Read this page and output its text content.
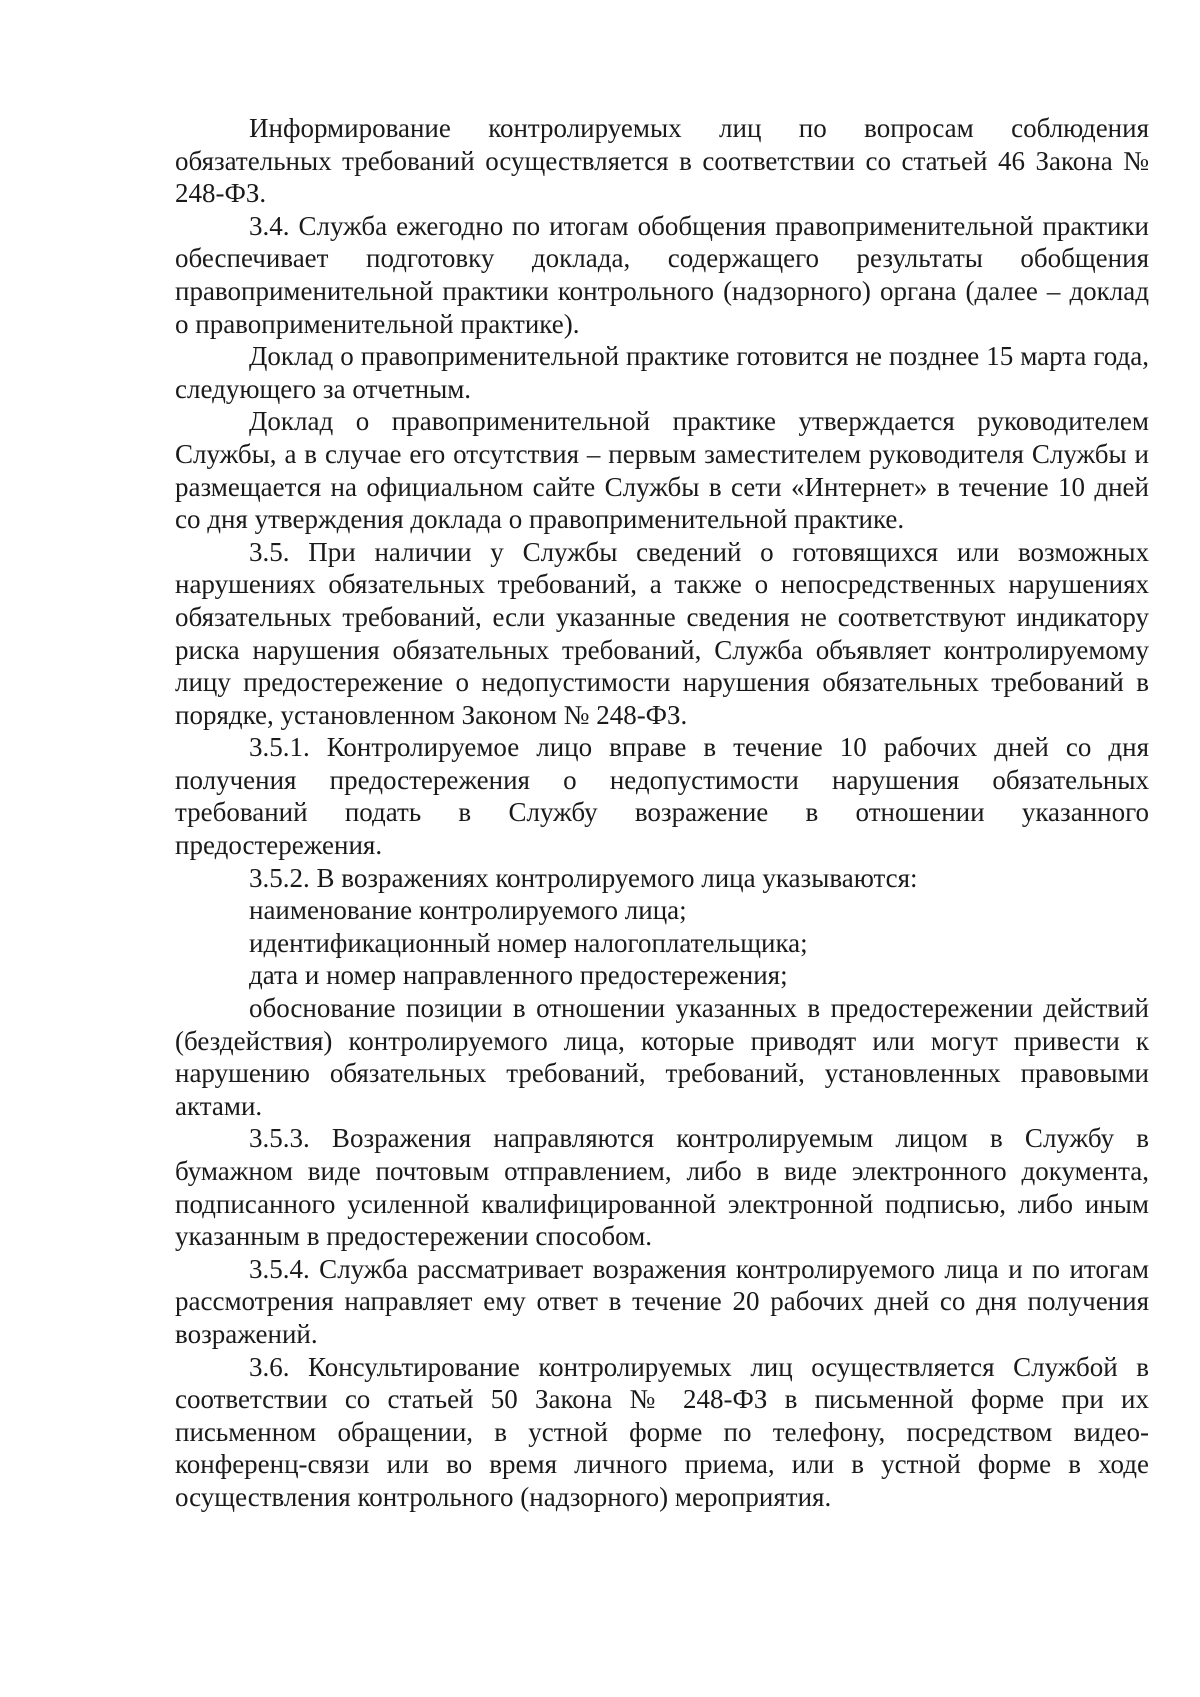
Информирование контролируемых лиц по вопросам соблюдения обязательных требований осуществляется в соответствии со статьей 46 Закона № 248-ФЗ.

3.4. Служба ежегодно по итогам обобщения правоприменительной практики обеспечивает подготовку доклада, содержащего результаты обобщения правоприменительной практики контрольного (надзорного) органа (далее – доклад о правоприменительной практике).

Доклад о правоприменительной практике готовится не позднее 15 марта года, следующего за отчетным.

Доклад о правоприменительной практике утверждается руководителем Службы, а в случае его отсутствия – первым заместителем руководителя Службы и размещается на официальном сайте Службы в сети «Интернет» в течение 10 дней со дня утверждения доклада о правоприменительной практике.

3.5. При наличии у Службы сведений о готовящихся или возможных нарушениях обязательных требований, а также о непосредственных нарушениях обязательных требований, если указанные сведения не соответствуют индикатору риска нарушения обязательных требований, Служба объявляет контролируемому лицу предостережение о недопустимости нарушения обязательных требований в порядке, установленном Законом № 248-ФЗ.

3.5.1. Контролируемое лицо вправе в течение 10 рабочих дней со дня получения предостережения о недопустимости нарушения обязательных требований подать в Службу возражение в отношении указанного предостережения.

3.5.2. В возражениях контролируемого лица указываются:

наименование контролируемого лица;

идентификационный номер налогоплательщика;

дата и номер направленного предостережения;

обоснование позиции в отношении указанных в предостережении действий (бездействия) контролируемого лица, которые приводят или могут привести к нарушению обязательных требований, требований, установленных правовыми актами.

3.5.3. Возражения направляются контролируемым лицом в Службу в бумажном виде почтовым отправлением, либо в виде электронного документа, подписанного усиленной квалифицированной электронной подписью, либо иным указанным в предостережении способом.

3.5.4. Служба рассматривает возражения контролируемого лица и по итогам рассмотрения направляет ему ответ в течение 20 рабочих дней со дня получения возражений.

3.6. Консультирование контролируемых лиц осуществляется Службой в соответствии со статьей 50 Закона № 248-ФЗ в письменной форме при их письменном обращении, в устной форме по телефону, посредством видео-конференц-связи или во время личного приема, или в устной форме в ходе осуществления контрольного (надзорного) мероприятия.
